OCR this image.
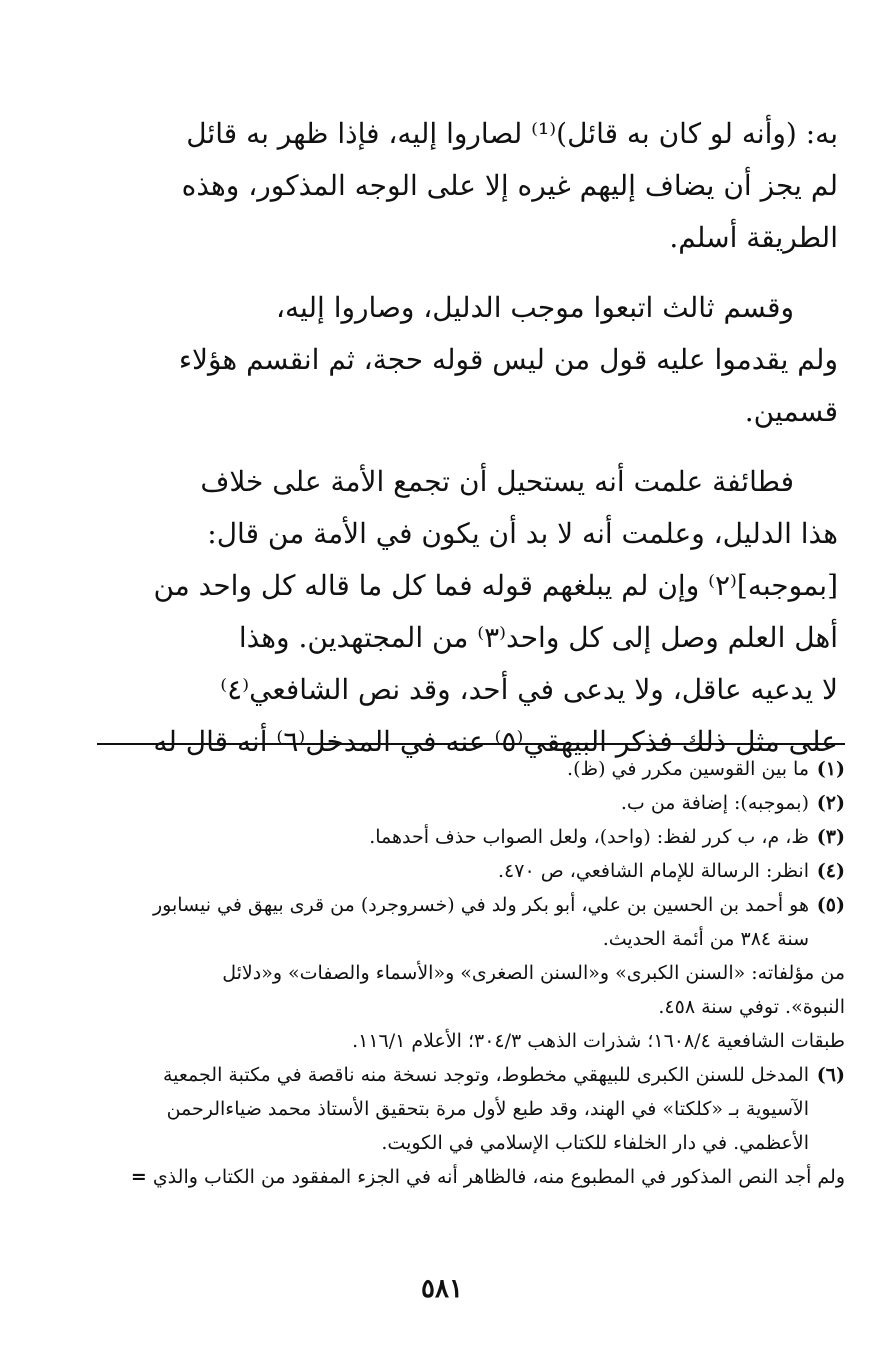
به: (وأنه لو كان به قائل)⁽¹⁾ لصاروا إليه، فإذا ظهر به قائل
لم يجز أن يضاف إليهم غيره إلا على الوجه المذكور، وهذه
الطريقة أسلم.
وقسم ثالث اتبعوا موجب الدليل، وصاروا إليه،
ولم يقدموا عليه قول من ليس قوله حجة، ثم انقسم هؤلاء
قسمين.
فطائفة علمت أنه يستحيل أن تجمع الأمة على خلاف
هذا الدليل، وعلمت أنه لا بد أن يكون في الأمة من قال:
[بموجبه]⁽٢⁾ وإن لم يبلغهم قوله فما كل ما قاله كل واحد من
أهل العلم وصل إلى كل واحد⁽٣⁾ من المجتهدين. وهذا
لا يدعيه عاقل، ولا يدعى في أحد، وقد نص الشافعي⁽٤⁾
على مثل ذلك فذكر البيهقي⁽٥⁾ عنه في المدخل⁽٦⁾ أنه قال له
(١)
ما بين القوسين مكرر في (ظ).
(٢)
(بموجبه): إضافة من ب.
(٣)
ظ، م، ب كرر لفظ: (واحد)، ولعل الصواب حذف أحدهما.
(٤)
انظر: الرسالة للإمام الشافعي، ص ٤٧٠.
(٥)
هو أحمد بن الحسين بن علي، أبو بكر ولد في (خسروجرد) من قرى بيهق في نيسابور
سنة ٣٨٤ من أئمة الحديث.
من مؤلفاته: «السنن الكبرى» و«السنن الصغرى» و«الأسماء والصفات» و«دلائل
النبوة». توفي سنة ٤٥٨.
طبقات الشافعية ١٦٠٨/٤؛ شذرات الذهب ٣٠٤/٣؛ الأعلام ١١٦/١.
(٦)
المدخل للسنن الكبرى للبيهقي مخطوط، وتوجد نسخة منه ناقصة في مكتبة الجمعية
الآسيوية بـ «كلكتا» في الهند، وقد طبع لأول مرة بتحقيق الأستاذ محمد ضياءالرحمن
الأعظمي. في دار الخلفاء للكتاب الإسلامي في الكويت.
ولم أجد النص المذكور في المطبوع منه، فالظاهر أنه في الجزء المفقود من الكتاب والذي =
٥٨١
